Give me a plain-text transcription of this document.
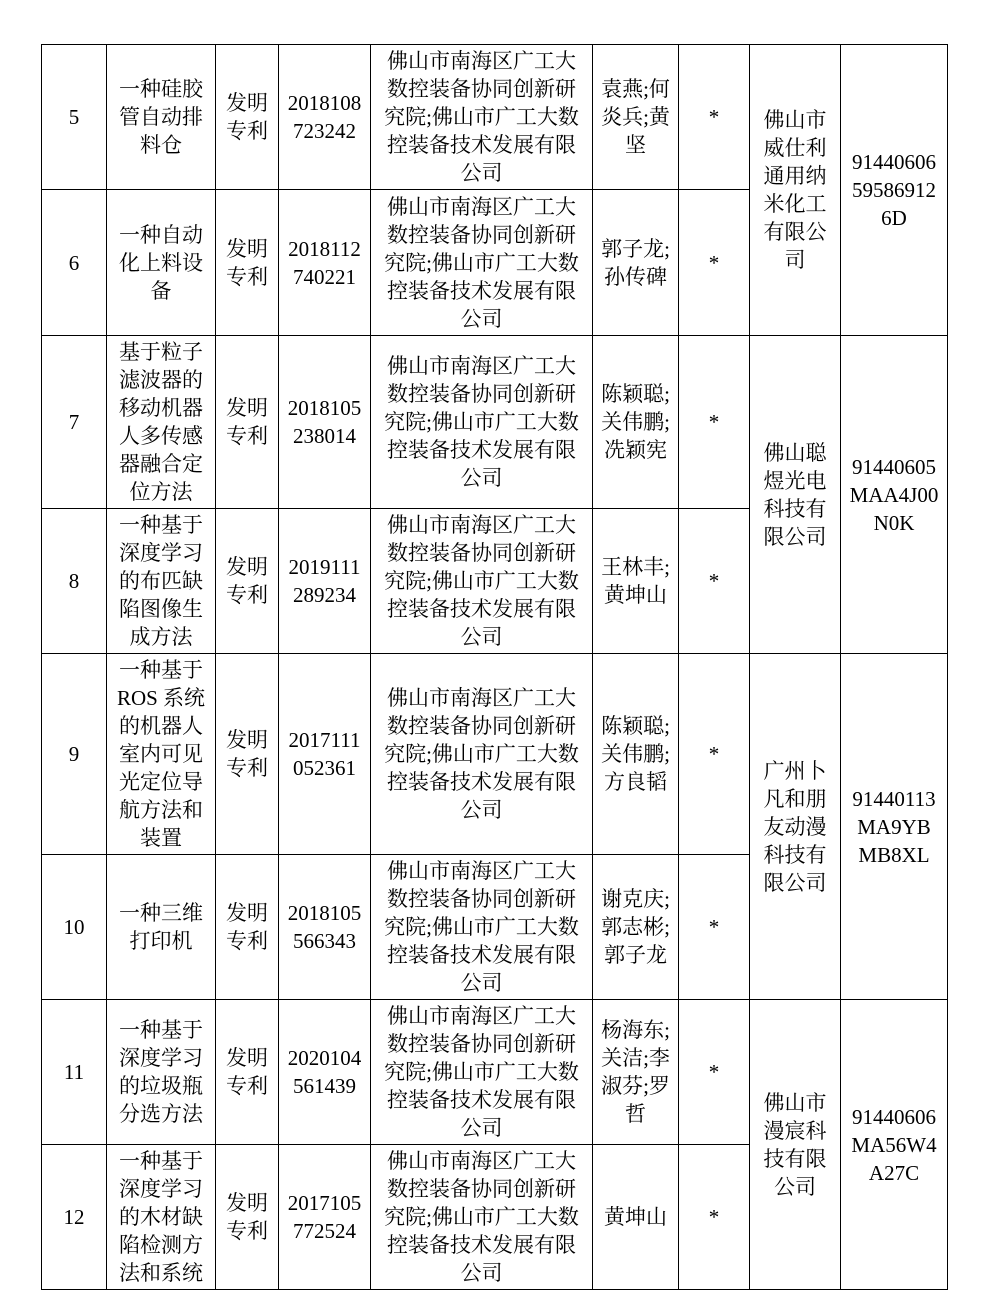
5	一种硅胶管自动排料仓	发明专利	2018108723242	佛山市南海区广工大数控装备协同创新研究院;佛山市广工大数控装备技术发展有限公司	袁燕;何炎兵;黄坚	*	佛山市威仕利通用纳米化工有限公司	91440606595869126D
6	一种自动化上料设备	发明专利	2018112740221	佛山市南海区广工大数控装备协同创新研究院;佛山市广工大数控装备技术发展有限公司	郭子龙;孙传碑	*		
7	基于粒子滤波器的移动机器人多传感器融合定位方法	发明专利	2018105238014	佛山市南海区广工大数控装备协同创新研究院;佛山市广工大数控装备技术发展有限公司	陈颖聪;关伟鹏;冼颖宪	*	佛山聪煜光电科技有限公司	91440605MAA4J00N0K
8	一种基于深度学习的布匹缺陷图像生成方法	发明专利	2019111289234	佛山市南海区广工大数控装备协同创新研究院;佛山市广工大数控装备技术发展有限公司	王林丰;黄坤山	*		
9	一种基于ROS 系统的机器人室内可见光定位导航方法和装置	发明专利	2017111052361	佛山市南海区广工大数控装备协同创新研究院;佛山市广工大数控装备技术发展有限公司	陈颖聪;关伟鹏;方良韬	*	广州卜凡和朋友动漫科技有限公司	91440113MA9YBMB8XL
10	一种三维打印机	发明专利	2018105566343	佛山市南海区广工大数控装备协同创新研究院;佛山市广工大数控装备技术发展有限公司	谢克庆;郭志彬;郭子龙	*		
11	一种基于深度学习的垃圾瓶分选方法	发明专利	2020104561439	佛山市南海区广工大数控装备协同创新研究院;佛山市广工大数控装备技术发展有限公司	杨海东;关洁;李淑芬;罗哲	*	佛山市漫宸科技有限公司	91440606MA56W4A27C
12	一种基于深度学习的木材缺陷检测方法和系统	发明专利	2017105772524	佛山市南海区广工大数控装备协同创新研究院;佛山市广工大数控装备技术发展有限公司	黄坤山	*		
